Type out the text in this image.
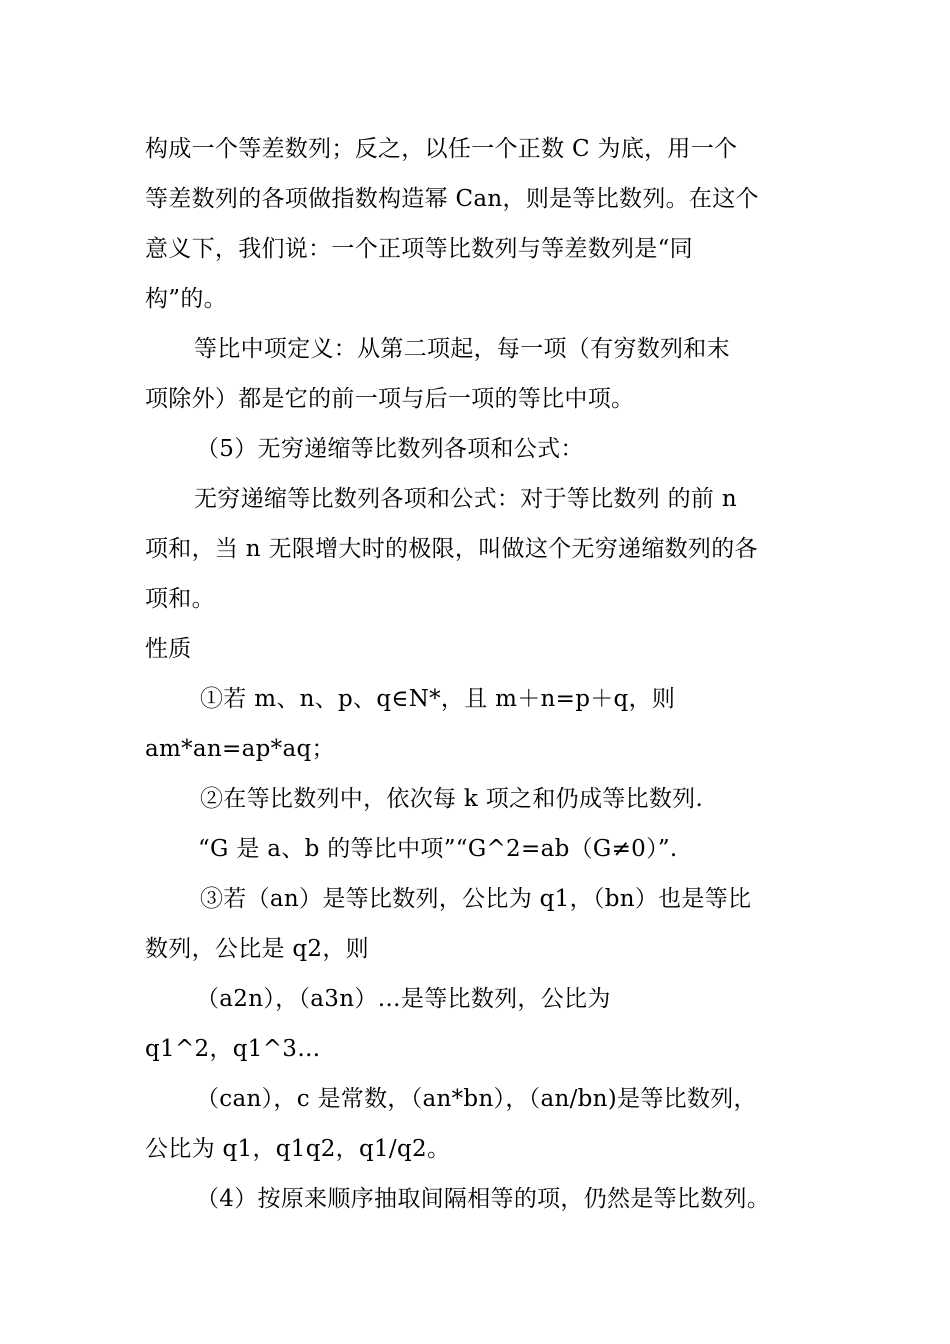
构成一个等差数列；反之，以任一个正数 C 为底，用一个
等差数列的各项做指数构造幂 Can，则是等比数列。在这个
意义下，我们说：一个正项等比数列与等差数列是“同
构”的。
等比中项定义：从第二项起，每一项（有穷数列和末
项除外）都是它的前一项与后一项的等比中项。
（5）无穷递缩等比数列各项和公式：
无穷递缩等比数列各项和公式：对于等比数列 的前 n
项和，当 n 无限增大时的极限，叫做这个无穷递缩数列的各
项和。
性质
①若 m、n、p、q∈N*，且 m＋n=p＋q，则
am*an=ap*aq；
②在等比数列中，依次每 k 项之和仍成等比数列.
“G 是 a、b 的等比中项”“G^2=ab（G≠0）”.
③若（an）是等比数列，公比为 q1，（bn）也是等比
数列，公比是 q2，则
（a2n），（a3n）…是等比数列，公比为
q1^2，q1^3…
（can），c 是常数，（an*bn），（an/bn)是等比数列，
公比为 q1，q1q2，q1/q2。
（4）按原来顺序抽取间隔相等的项，仍然是等比数列。
